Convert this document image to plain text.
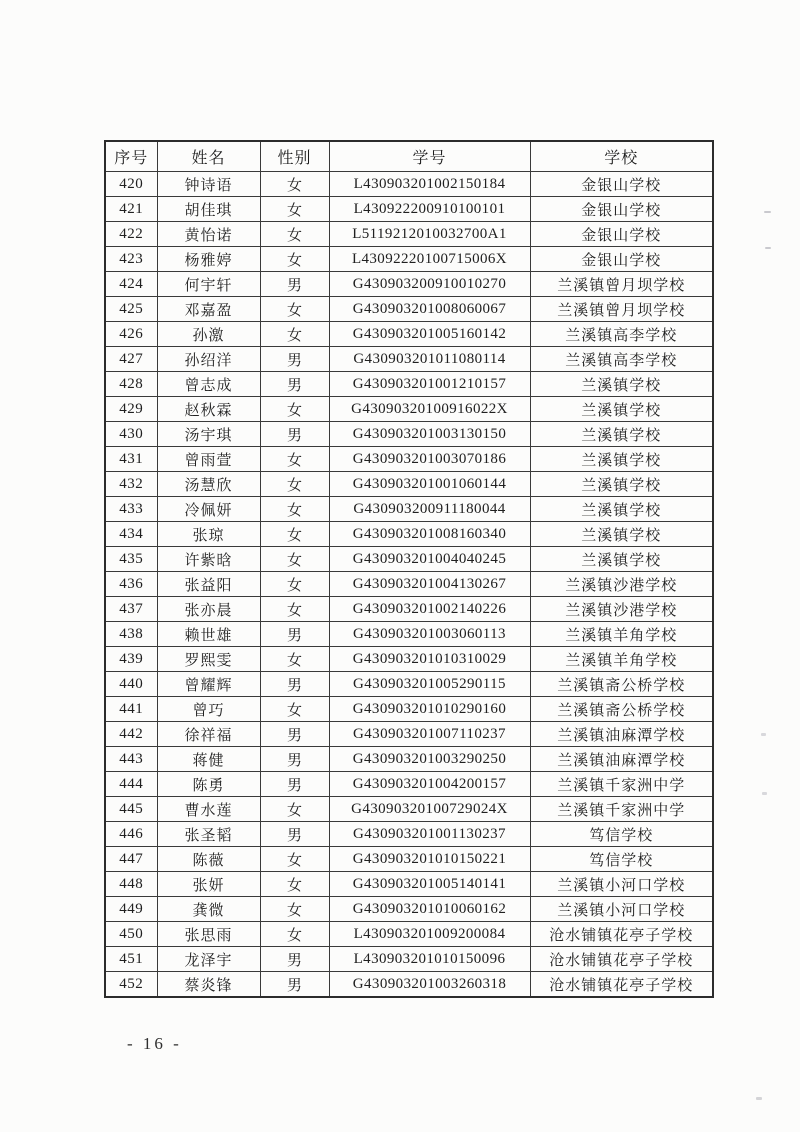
序号	姓名	性别	学号	学校
420	钟诗语	女	L430903201002150184	金银山学校
421	胡佳琪	女	L430922200910100101	金银山学校
422	黄怡诺	女	L5119212010032700A1	金银山学校
423	杨雅婷	女	L43092220100715006X	金银山学校
424	何宇轩	男	G430903200910010270	兰溪镇曾月坝学校
425	邓嘉盈	女	G430903201008060067	兰溪镇曾月坝学校
426	孙激	女	G430903201005160142	兰溪镇高李学校
427	孙绍洋	男	G430903201011080114	兰溪镇高李学校
428	曾志成	男	G430903201001210157	兰溪镇学校
429	赵秋霖	女	G43090320100916022X	兰溪镇学校
430	汤宇琪	男	G430903201003130150	兰溪镇学校
431	曾雨萱	女	G430903201003070186	兰溪镇学校
432	汤慧欣	女	G430903201001060144	兰溪镇学校
433	冷佩妍	女	G430903200911180044	兰溪镇学校
434	张琼	女	G430903201008160340	兰溪镇学校
435	许紫晗	女	G430903201004040245	兰溪镇学校
436	张益阳	女	G430903201004130267	兰溪镇沙港学校
437	张亦晨	女	G430903201002140226	兰溪镇沙港学校
438	赖世雄	男	G430903201003060113	兰溪镇羊角学校
439	罗熙雯	女	G430903201010310029	兰溪镇羊角学校
440	曾耀辉	男	G430903201005290115	兰溪镇斋公桥学校
441	曾巧	女	G430903201010290160	兰溪镇斋公桥学校
442	徐祥福	男	G430903201007110237	兰溪镇油麻潭学校
443	蒋健	男	G430903201003290250	兰溪镇油麻潭学校
444	陈勇	男	G430903201004200157	兰溪镇千家洲中学
445	曹水莲	女	G43090320100729024X	兰溪镇千家洲中学
446	张圣韬	男	G430903201001130237	笃信学校
447	陈薇	女	G430903201010150221	笃信学校
448	张妍	女	G430903201005140141	兰溪镇小河口学校
449	龚微	女	G430903201010060162	兰溪镇小河口学校
450	张思雨	女	L430903201009200084	沧水铺镇花亭子学校
451	龙泽宇	男	L430903201010150096	沧水铺镇花亭子学校
452	蔡炎锋	男	G430903201003260318	沧水铺镇花亭子学校
- 16 -
